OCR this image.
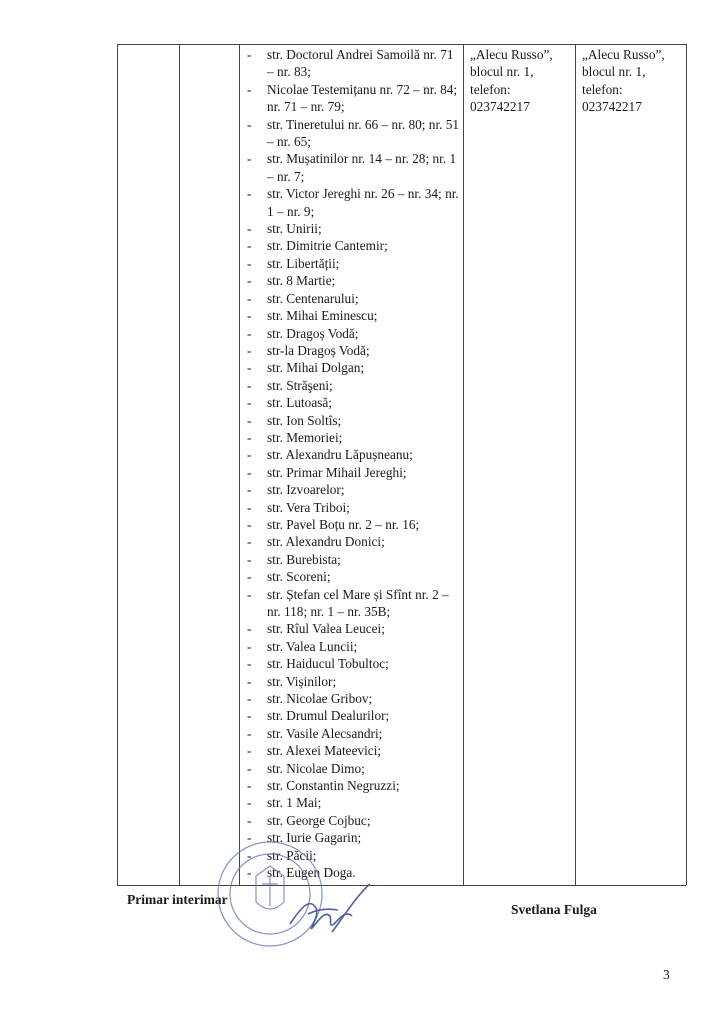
- str. Doctorul Andrei Samoilă nr. 71 – nr. 83;
- Nicolae Testemițanu nr. 72 – nr. 84; nr. 71 – nr. 79;
- str. Tineretului nr. 66 – nr. 80; nr. 51 – nr. 65;
- str. Mușatinilor nr. 14 – nr. 28; nr. 1 – nr. 7;
- str. Victor Jereghi nr. 26 – nr. 34; nr. 1 – nr. 9;
- str. Unirii;
- str. Dimitrie Cantemir;
- str. Libertății;
- str. 8 Martie;
- str. Centenarului;
- str. Mihai Eminescu;
- str. Dragoș Vodă;
- str-la Dragoș Vodă;
- str. Mihai Dolgan;
- str. Străşeni;
- str. Lutoasă;
- str. Ion Soltîs;
- str. Memoriei;
- str. Alexandru Lăpușneanu;
- str. Primar Mihail Jereghi;
- str. Izvoarelor;
- str. Vera Triboi;
- str. Pavel Boțu nr. 2 – nr. 16;
- str. Alexandru Donici;
- str. Burebista;
- str. Scoreni;
- str. Ștefan cel Mare și Sfînt nr. 2 – nr. 118; nr. 1 – nr. 35B;
- str. Rîul Valea Leucei;
- str. Valea Luncii;
- str. Haiducul Tobultoc;
- str. Vișinilor;
- str. Nicolae Gribov;
- str. Drumul Dealurilor;
- str. Vasile Alecsandri;
- str. Alexei Mateevici;
- str. Nicolae Dimo;
- str. Constantin Negruzzi;
- str. 1 Mai;
- str. George Cojbuc;
- str. Iurie Gagarin;
- str. Păcii;
- str. Eugen Doga.
„Alecu Russo”,
blocul nr. 1,
telefon:
023742217
„Alecu Russo”,
blocul nr. 1,
telefon:
023742217
Primar interimar
Svetlana Fulga
3
